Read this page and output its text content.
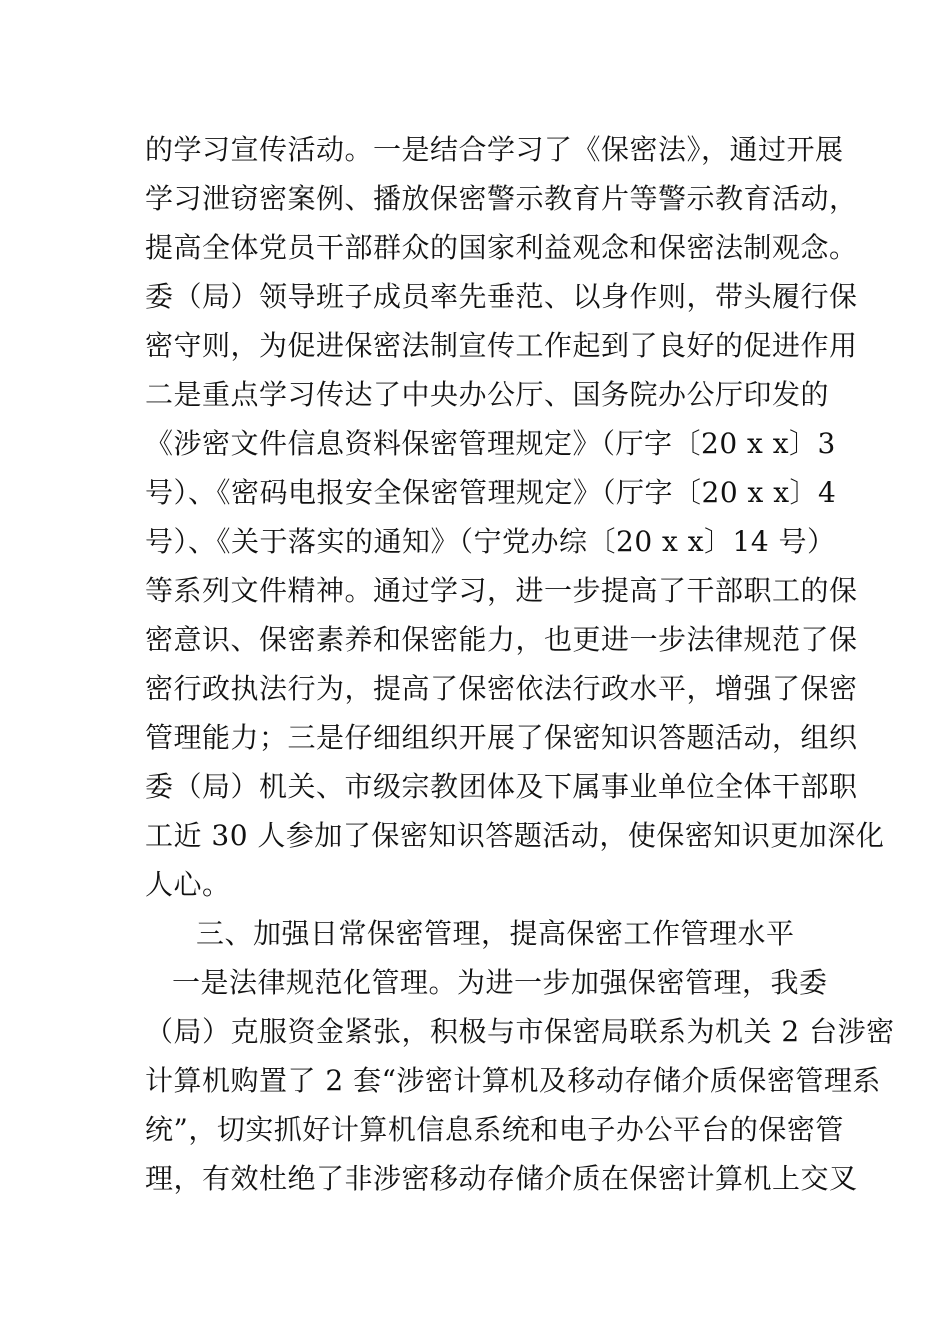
的学习宣传活动。一是结合学习了《保密法》，通过开展
学习泄窃密案例、播放保密警示教育片等警示教育活动，
提高全体党员干部群众的国家利益观念和保密法制观念。
委（局）领导班子成员率先垂范、以身作则，带头履行保
密守则，为促进保密法制宣传工作起到了良好的促进作用
二是重点学习传达了中央办公厅、国务院办公厅印发的
《涉密文件信息资料保密管理规定》（厅字〔20 x x〕3
号）、《密码电报安全保密管理规定》（厅字〔20 x x〕4
号）、《关于落实的通知》（宁党办综〔20 x x〕14 号）
等系列文件精神。通过学习，进一步提高了干部职工的保
密意识、保密素养和保密能力，也更进一步法律规范了保
密行政执法行为，提高了保密依法行政水平，增强了保密
管理能力；三是仔细组织开展了保密知识答题活动，组织
委（局）机关、市级宗教团体及下属事业单位全体干部职
工近 30 人参加了保密知识答题活动，使保密知识更加深化
人心。
三、加强日常保密管理，提高保密工作管理水平
一是法律规范化管理。为进一步加强保密管理，我委
（局）克服资金紧张，积极与市保密局联系为机关 2 台涉密
计算机购置了 2 套“涉密计算机及移动存储介质保密管理系
统”，切实抓好计算机信息系统和电子办公平台的保密管
理，有效杜绝了非涉密移动存储介质在保密计算机上交叉
